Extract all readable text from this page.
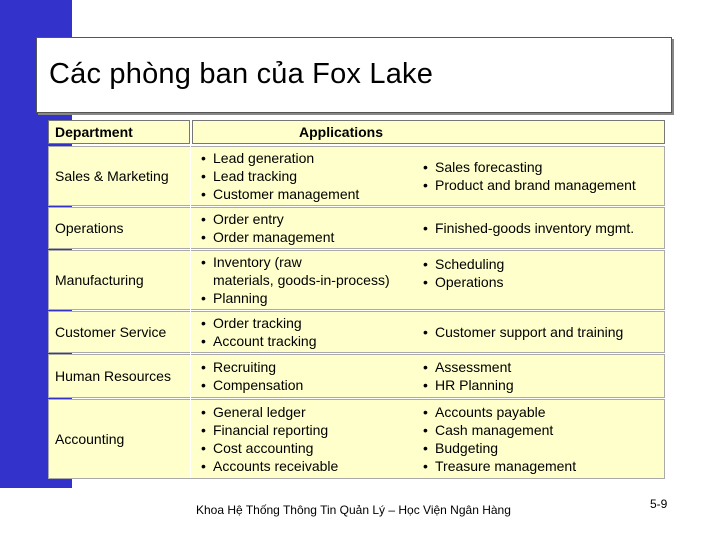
Các phòng ban của Fox Lake
Department	Applications
Sales & Marketing
• Lead generation
• Lead tracking
• Customer management
• Sales forecasting
• Product and brand management
Operations
• Order entry
• Order management
• Finished-goods inventory mgmt.
Manufacturing
• Inventory (raw materials, goods-in-process)
• Planning
• Scheduling
• Operations
Customer Service
• Order tracking
• Account tracking
• Customer support and training
Human Resources
• Recruiting
• Compensation
• Assessment
• HR Planning
Accounting
• General ledger
• Financial reporting
• Cost accounting
• Accounts receivable
• Accounts payable
• Cash management
• Budgeting
• Treasure management
Khoa Hệ Thống Thông Tin Quản Lý – Học Viện Ngân Hàng	5-9
